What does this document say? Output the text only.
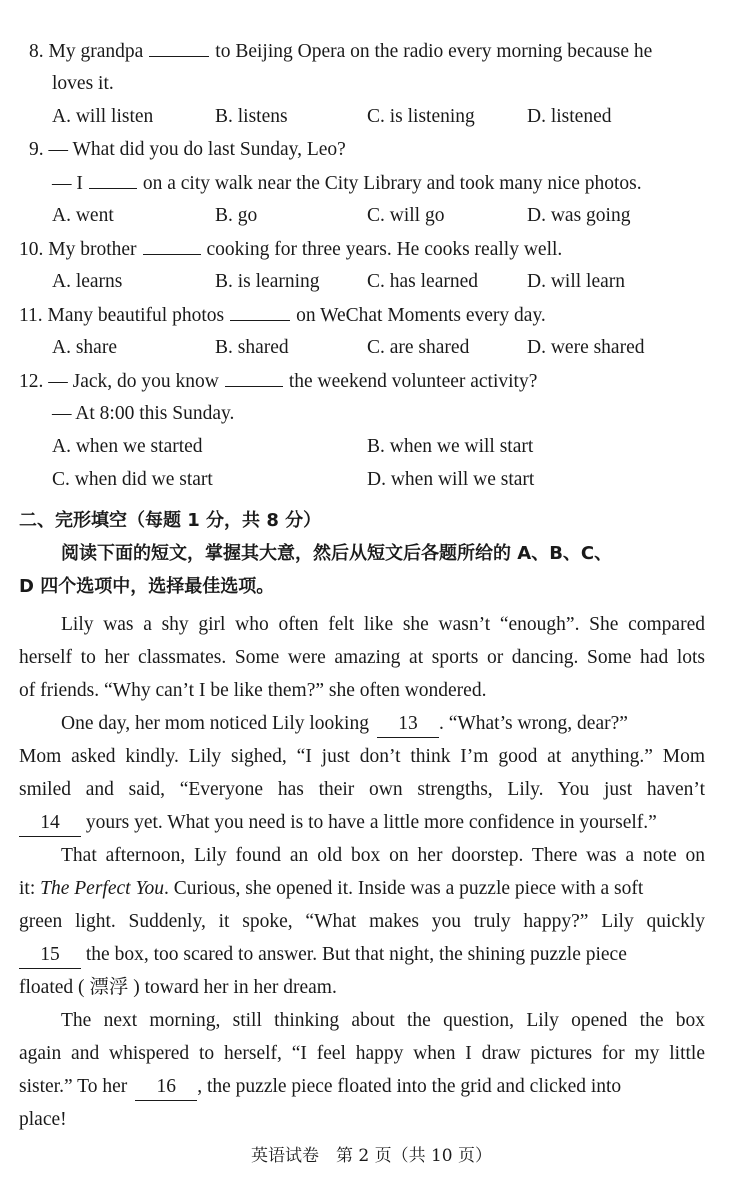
8. My grandpa	to Beijing Opera on the radio every morning because he
loves it.
A. will listen	B. listens	C. is listening	D. listened
9. — What did you do last Sunday, Leo?
— I	on a city walk near the City Library and took many nice photos.
A. went	B. go	C. will go	D. was going
10. My brother	cooking for three years. He cooks really well.
A. learns	B. is learning C. has learned	D. will learn
11. Many beautiful photos	on WeChat Moments every day.
A. share	B. shared	C. are shared	D. were shared
12. — Jack, do you know	the weekend volunteer activity?
— At 8:00 this Sunday.
A. when we started	B. when we will start
C. when did we start	D. when will we start
二、完形填空（每题 1 分，共 8 分）
阅读下面的短文，掌握其大意，然后从短文后各题所给的 A、B、C、
D 四个选项中，选择最佳选项。
Lily was a shy girl who often felt like she wasn’t “enough”. She compared
herself to her classmates. Some were amazing at sports or dancing. Some had lots
of friends. “Why can’t I be like them?” she often wondered.
One day, her mom noticed Lily looking 13 . “What’s wrong, dear?”
Mom asked kindly. Lily sighed, “I just don’t think I’m good at anything.” Mom
smiled and said, “Everyone has their own strengths, Lily. You just haven’t
14 yours yet. What you need is to have a little more confidence in yourself.”
That afternoon, Lily found an old box on her doorstep. There was a note on
it: The Perfect You. Curious, she opened it. Inside was a puzzle piece with a soft
green light. Suddenly, it spoke, “What makes you truly happy?” Lily quickly
15 the box, too scared to answer. But that night, the shining puzzle piece
floated ( 漂浮 ) toward her in her dream.
The next morning, still thinking about the question, Lily opened the box
again and whispered to herself, “I feel happy when I draw pictures for my little
sister.” To her 16 , the puzzle piece floated into the grid and clicked into
place!
英语试卷　第 2 页（共 10 页）
